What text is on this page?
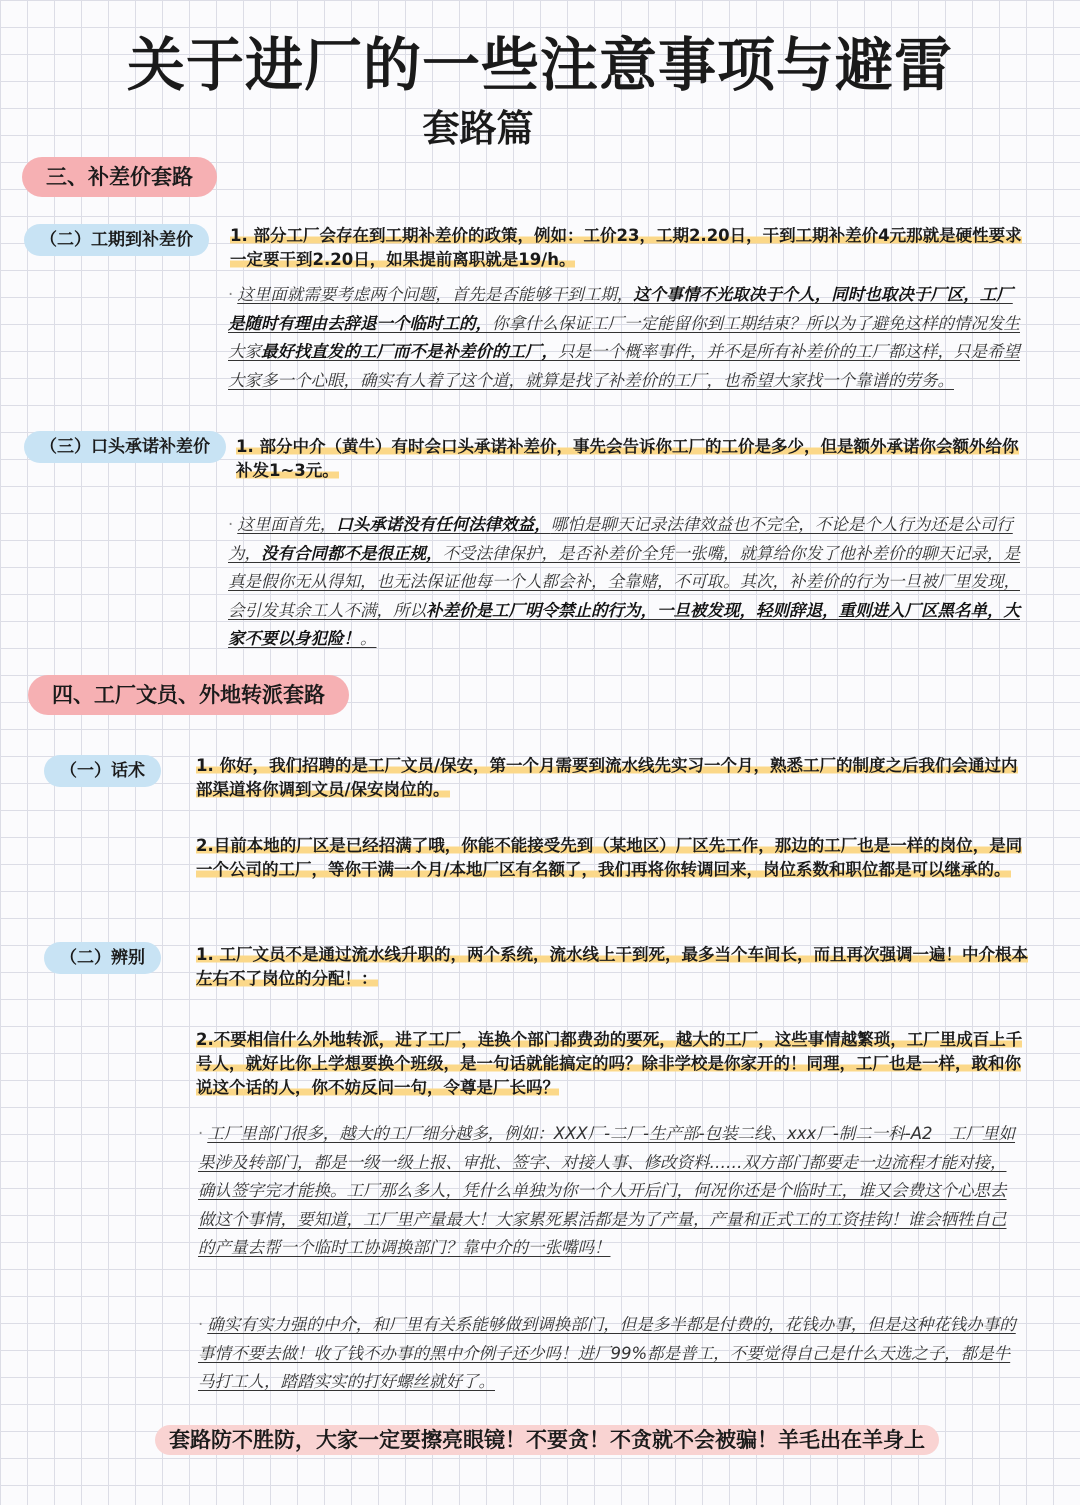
关于进厂的一些注意事项与避雷
套路篇
三、补差价套路
（二）工期到补差价	1. 部分工厂会存在到工期补差价的政策，例如：工价23，工期2.20日，干到工期补差价4元那就是硬性要求一定要干到2.20日，如果提前离职就是19/h。

· 这里面就需要考虑两个问题，首先是否能够干到工期，这个事情不光取决于个人，同时也取决于厂区，工厂是随时有理由去辞退一个临时工的，你拿什么保证工厂一定能留你到工期结束？所以为了避免这样的情况发生大家最好找直发的工厂而不是补差价的工厂，只是一个概率事件，并不是所有补差价的工厂都这样，只是希望大家多一个心眼，确实有人着了这个道，就算是找了补差价的工厂，也希望大家找一个靠谱的劳务。

（三）口头承诺补差价	1. 部分中介（黄牛）有时会口头承诺补差价，事先会告诉你工厂的工价是多少，但是额外承诺你会额外给你补发1~3元。

· 这里面首先，口头承诺没有任何法律效益，哪怕是聊天记录法律效益也不完全，不论是个人行为还是公司行为，没有合同都不是很正规，不受法律保护，是否补差价全凭一张嘴，就算给你发了他补差价的聊天记录，是真是假你无从得知，也无法保证他每一个人都会补，全靠赌，不可取。其次，补差价的行为一旦被厂里发现，会引发其余工人不满，所以补差价是工厂明令禁止的行为，一旦被发现，轻则辞退，重则进入厂区黑名单，大家不要以身犯险！。

四、工厂文员、外地转派套路
（一）话术	1. 你好，我们招聘的是工厂文员/保安，第一个月需要到流水线先实习一个月，熟悉工厂的制度之后我们会通过内部渠道将你调到文员/保安岗位的。

2.目前本地的厂区是已经招满了哦，你能不能接受先到（某地区）厂区先工作，那边的工厂也是一样的岗位，是同一个公司的工厂，等你干满一个月/本地厂区有名额了，我们再将你转调回来，岗位系数和职位都是可以继承的。

（二）辨别	1. 工厂文员不是通过流水线升职的，两个系统，流水线上干到死，最多当个车间长，而且再次强调一遍！中介根本左右不了岗位的分配！：

2.不要相信什么外地转派，进了工厂，连换个部门都费劲的要死，越大的工厂，这些事情越繁琐，工厂里成百上千号人，就好比你上学想要换个班级，是一句话就能搞定的吗？除非学校是你家开的！同理，工厂也是一样，敢和你说这个话的人，你不妨反问一句，令尊是厂长吗？

· 工厂里部门很多，越大的工厂细分越多，例如：XXX厂-二厂-生产部-包装二线、xxx厂-制二一科-A2　工厂里如果涉及转部门，都是一级一级上报、审批、签字、对接人事、修改资料……双方部门都要走一边流程才能对接，确认签字完才能换。工厂那么多人，凭什么单独为你一个人开后门，何况你还是个临时工，谁又会费这个心思去做这个事情，要知道，工厂里产量最大！大家累死累活都是为了产量，产量和正式工的工资挂钩！谁会牺牲自己的产量去帮一个临时工协调换部门？靠中介的一张嘴吗！

· 确实有实力强的中介，和厂里有关系能够做到调换部门，但是多半都是付费的，花钱办事，但是这种花钱办事的事情不要去做！收了钱不办事的黑中介例子还少吗！进厂99%都是普工，不要觉得自己是什么天选之子，都是牛马打工人，踏踏实实的打好螺丝就好了。

套路防不胜防，大家一定要擦亮眼镜！不要贪！不贪就不会被骗！羊毛出在羊身上
